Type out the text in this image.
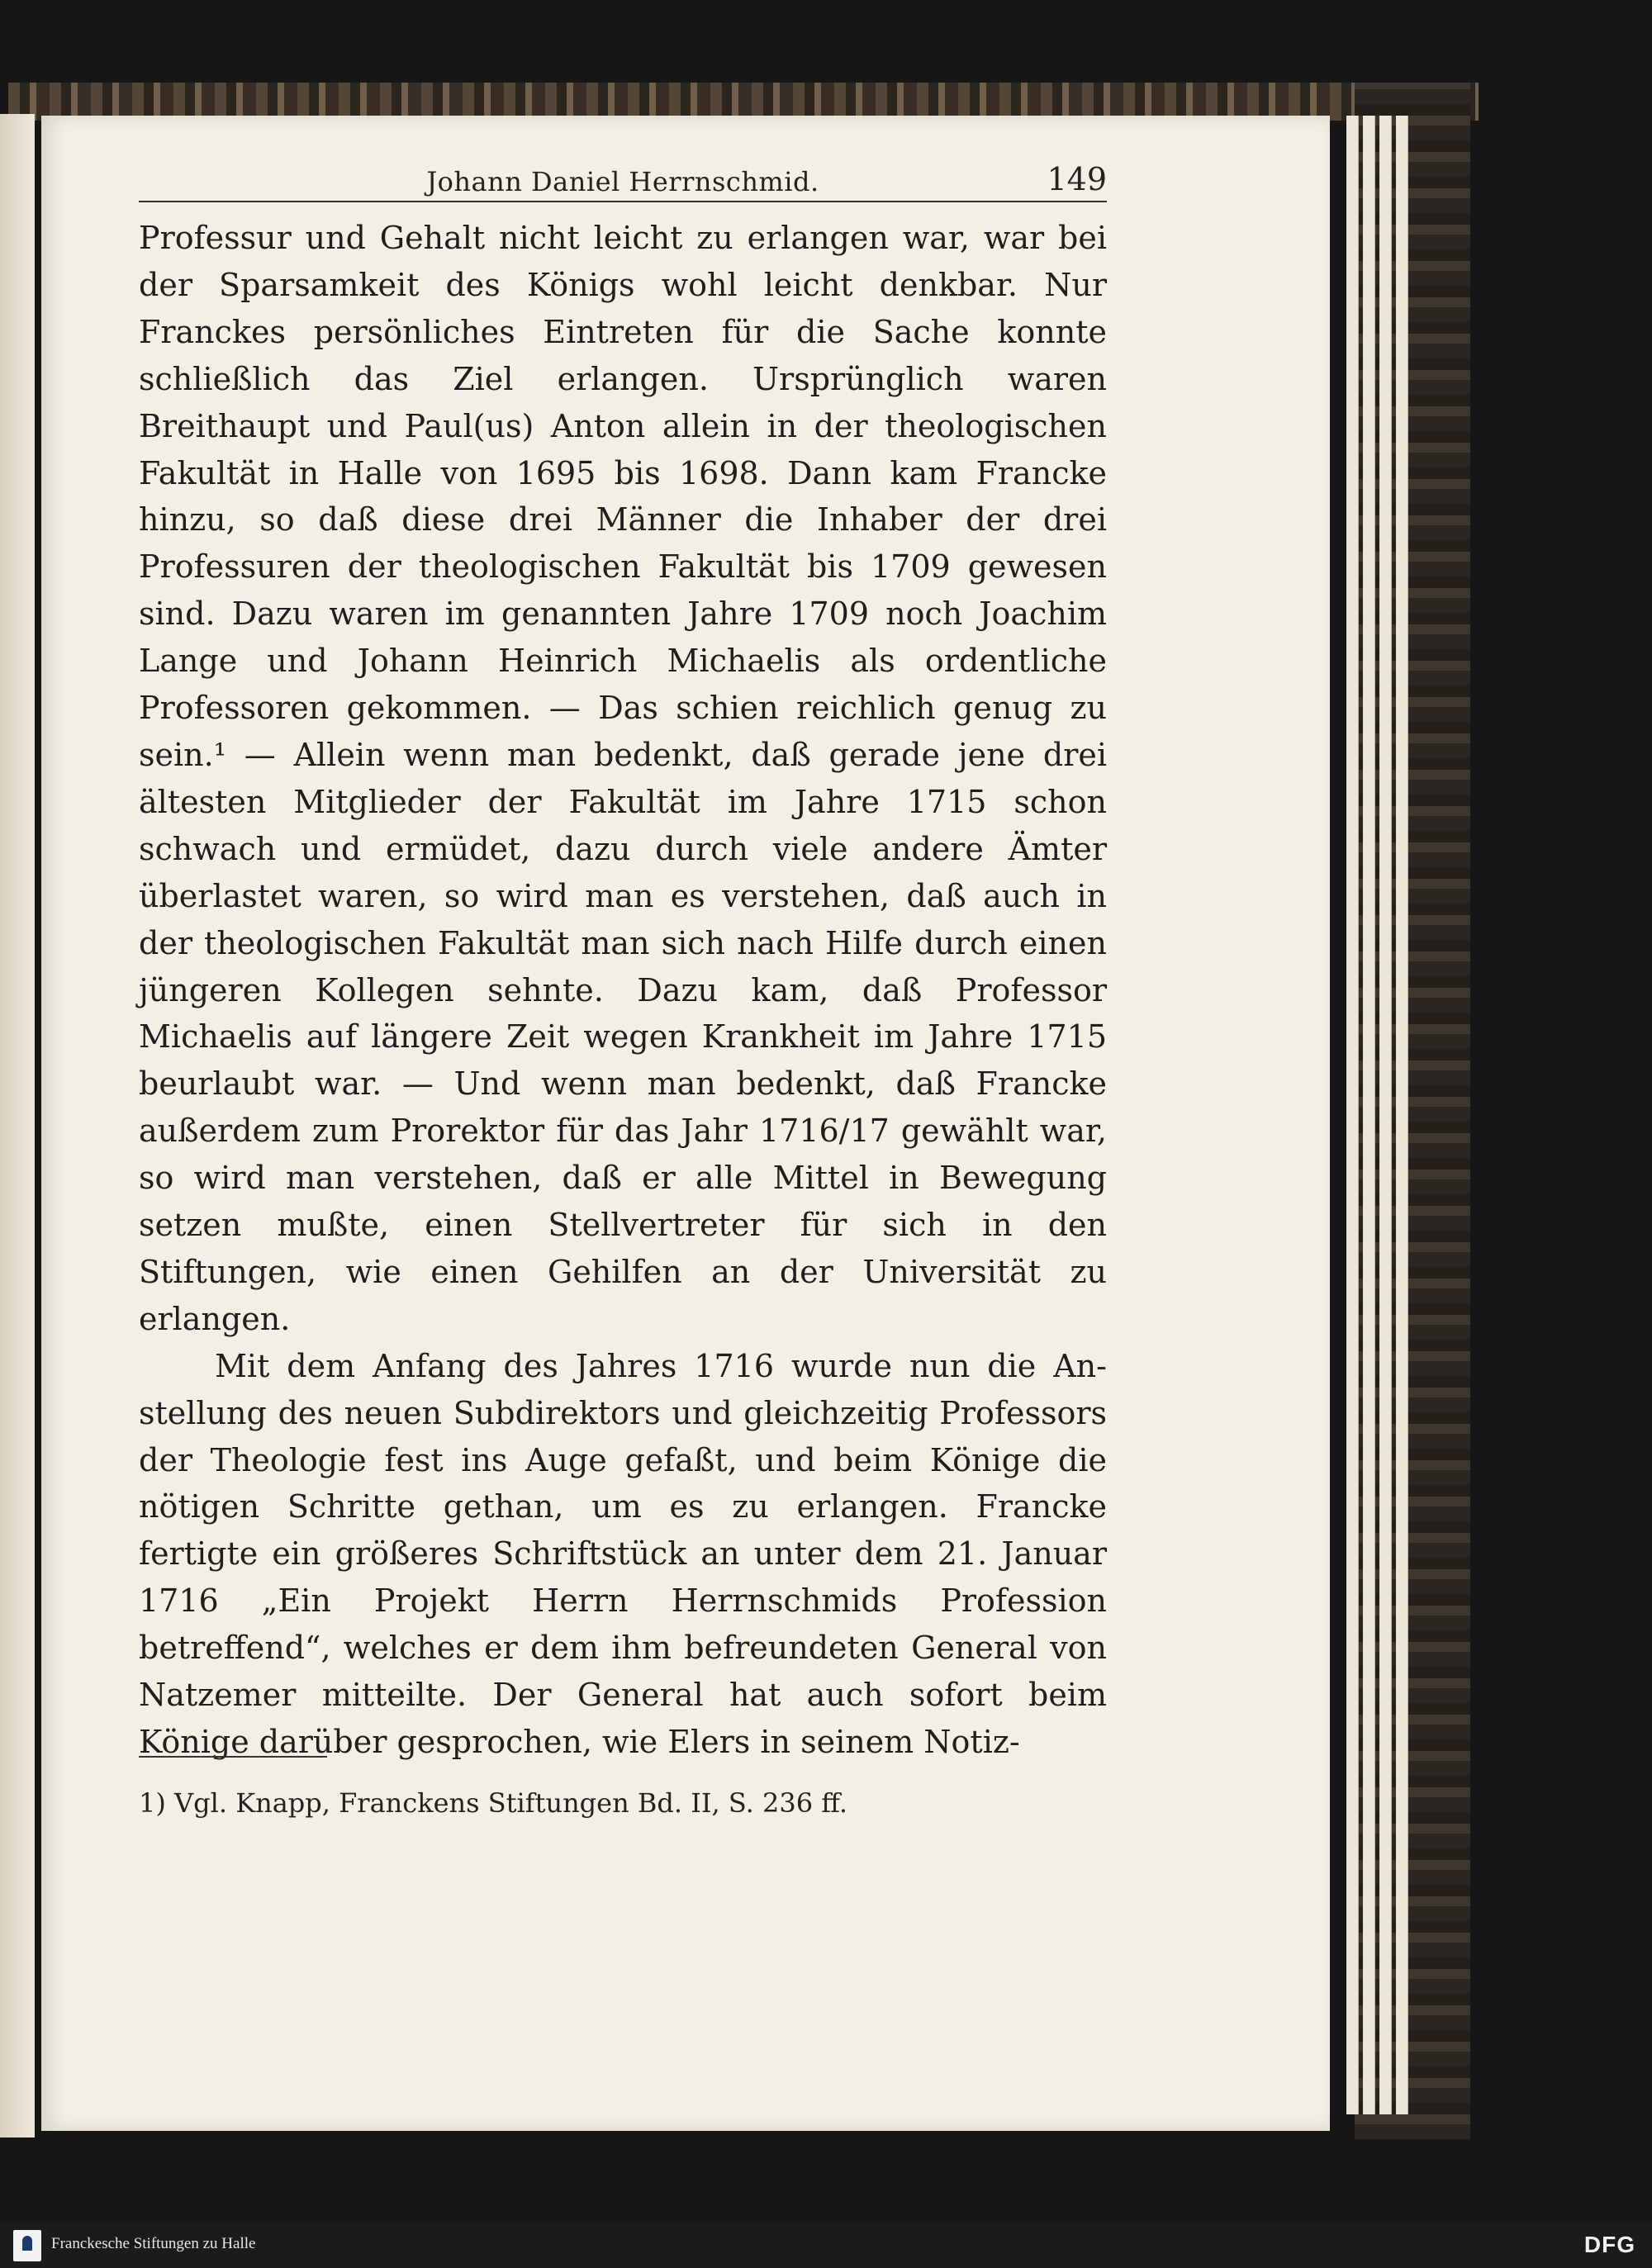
Johann Daniel Herrnschmid.	149

Professur und Gehalt nicht leicht zu erlangen war, war bei der Sparsamkeit des Königs wohl leicht denkbar. Nur Franckes persönliches Eintreten für die Sache konnte schließlich das Ziel erlangen. Ursprünglich waren Breithaupt und Paul(us) Anton allein in der theologischen Fakultät in Halle von 1695 bis 1698. Dann kam Francke hinzu, so daß diese drei Männer die Inhaber der drei Professuren der theologischen Fakultät bis 1709 gewesen sind. Dazu waren im genannten Jahre 1709 noch Joachim Lange und Johann Heinrich Michaelis als ordentliche Professoren gekommen. — Das schien reichlich genug zu sein.¹ — Allein wenn man bedenkt, daß gerade jene drei ältesten Mitglieder der Fakultät im Jahre 1715 schon schwach und ermüdet, dazu durch viele andere Ämter überlastet waren, so wird man es verstehen, daß auch in der theologischen Fakultät man sich nach Hilfe durch einen jüngeren Kollegen sehnte. Dazu kam, daß Professor Michaelis auf längere Zeit wegen Krankheit im Jahre 1715 beurlaubt war. — Und wenn man bedenkt, daß Francke außerdem zum Prorektor für das Jahr 1716/17 gewählt war, so wird man verstehen, daß er alle Mittel in Bewegung setzen mußte, einen Stellvertreter für sich in den Stiftungen, wie einen Gehilfen an der Universität zu erlangen.

Mit dem Anfang des Jahres 1716 wurde nun die Anstellung des neuen Subdirektors und gleichzeitig Professors der Theologie fest ins Auge gefaßt, und beim Könige die nötigen Schritte gethan, um es zu erlangen. Francke fertigte ein größeres Schriftstück an unter dem 21. Januar 1716 „Ein Projekt Herrn Herrnschmids Profession betreffend“, welches er dem ihm befreundeten General von Natzemer mitteilte. Der General hat auch sofort beim Könige darüber gesprochen, wie Elers in seinem Notiz-

1) Vgl. Knapp, Franckens Stiftungen Bd. II, S. 236 ff.
Franckesche Stiftungen zu Halle	DFG
